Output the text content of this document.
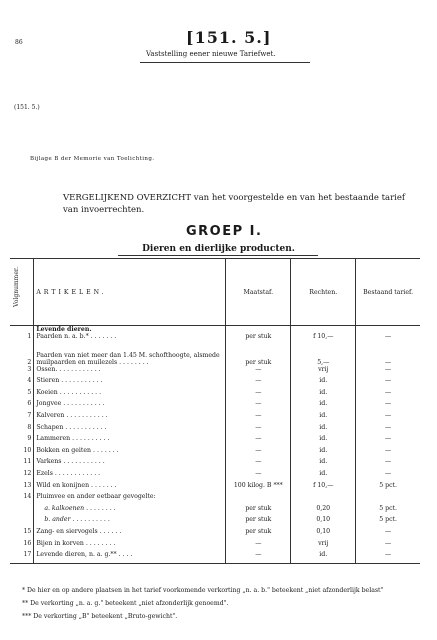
86	[151. 5.]
Vaststelling eener nieuwe Tariefwet.
(151. 5.)
Bijlage B der Memorie van Toelichting.
VERGELIJKEND OVERZICHT van het voorgestelde en van het bestaande tarief van invoerrechten.
GROEP I.
Dieren en dierlijke producten.
Volgnummer.	ARTIKELEN.	Maatstaf.	Rechten.	Bestaand tarief.
	Levende dieren.			
1	Paarden n. a. b.* . . . . . . .	per stuk	f 10,—	—
2	Paarden van niet meer dan 1.45 M. schofthoogte, alsmede muilpaarden en muilezels . . . . . . . .	per stuk	5,—	—
3	Ossen. . . . . . . . . . . .	—	vrij	—
4	Stieren . . . . . . . . . . .	—	id.	—
5	Koeien . . . . . . . . . . .	—	id.	—
6	Jongvee . . . . . . . . . . .	—	id.	—
7	Kalveren . . . . . . . . . . .	—	id.	—
8	Schapen . . . . . . . . . . .	—	id.	—
9	Lammeren . . . . . . . . . .	—	id.	—
10	Bokken en geiten . . . . . . .	—	id.	—
11	Varkens . . . . . . . . . . .	—	id.	—
12	Ezels . . . . . . . . . . . .	—	id.	—
13	Wild en konijnen . . . . . . .	100 kilog. B ***	f 10,—	5 pct.
14	Pluimvee en ander eetbaar gevogelte:			
	a. kalkoenen . . . . . . . .	per stuk	0,20	5 pct.
	b. ander . . . . . . . . . .	per stuk	0,10	5 pct.
15	Zang- en siervogels . . . . . .	per stuk	0,10	—
16	Bijen in korven . . . . . . . .	—	vrij	—
17	Levende dieren, n. a. g.** . . . .	—	id.	—
* De hier en op andere plaatsen in het tarief voorkomende verkorting „n. a. b." beteekent „niet afzonderlijk belast"
** De verkorting „n. a. g." beteekent „niet afzonderlijk genoemd".
*** De verkorting „B" beteekent „Bruto-gewicht".
